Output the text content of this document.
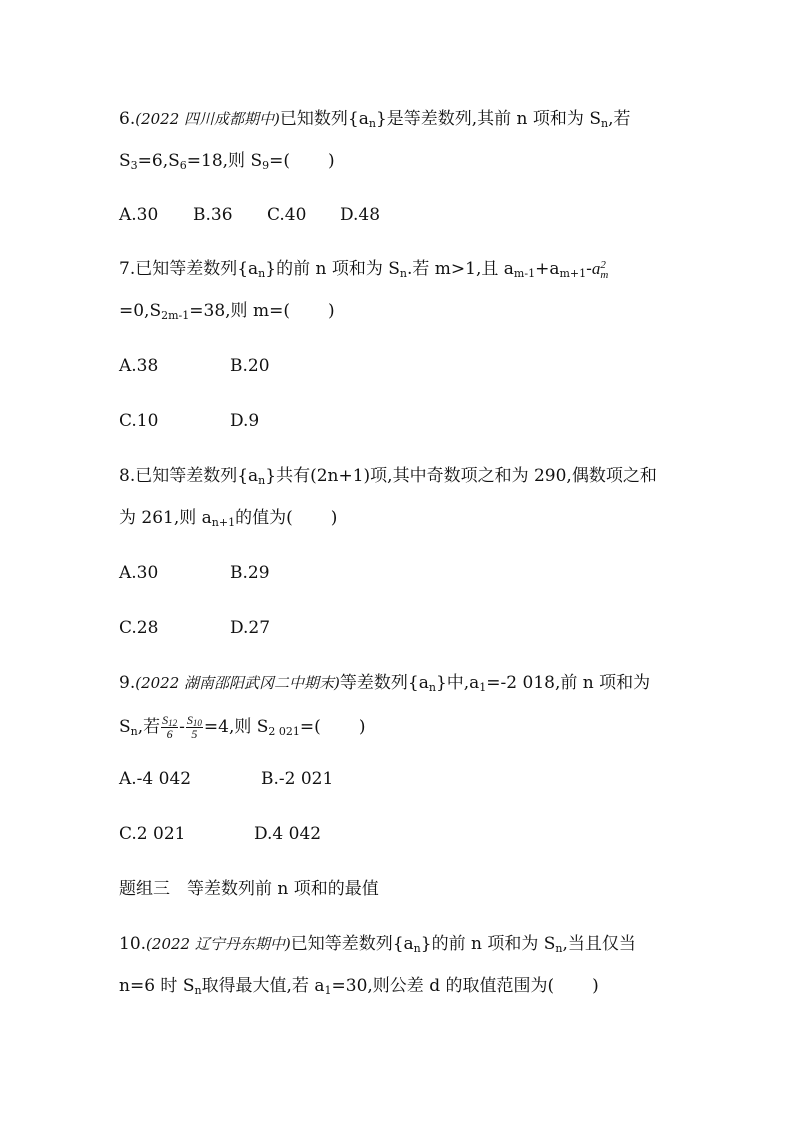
6.(2022 四川成都期中)已知数列$\{a_n\}$是等差数列,其前 n 项和为 $S_n$,若
$S_3=6,S_6=18$,则 $S_9=$( )
A.30 B.36 C.40 D.48
7.已知等差数列$\{a_n\}$的前 n 项和为 $S_n$.若 m>1,且 $a_{m-1}+a_{m+1}-a$ 2
m
$=0,S_{2m-1}=38$,则 m=( )
A.38	B.20
C.10	D.9
8.已知等差数列$\{a_n\}$共有(2n+1)项,其中奇数项之和为 290,偶数项之和
为 261,则 $a_{n+1}$的值为( )
A.30	B.29
C.28	D.27
9.(2022 湖南邵阳武冈二中期末)等差数列$\{a_n\}$中$,a_1=-2$ 018,前 n 项和为
$S_n$,若 $\frac{S_{12}}{6} - \frac{S_{10}}{5} =4$,则 $S_{2 021}=$( )
A.-4 042	B.-2 021
C.2 021	D.4 042
题组三　等差数列前 n 项和的最值
10.(2022 辽宁丹东期中)已知等差数列$\{a_n\}$的前 n 项和为 $S_n$,当且仅当
n=6 时 $S_n$取得最大值,若 $a_1=30$,则公差 d 的取值范围为( )
